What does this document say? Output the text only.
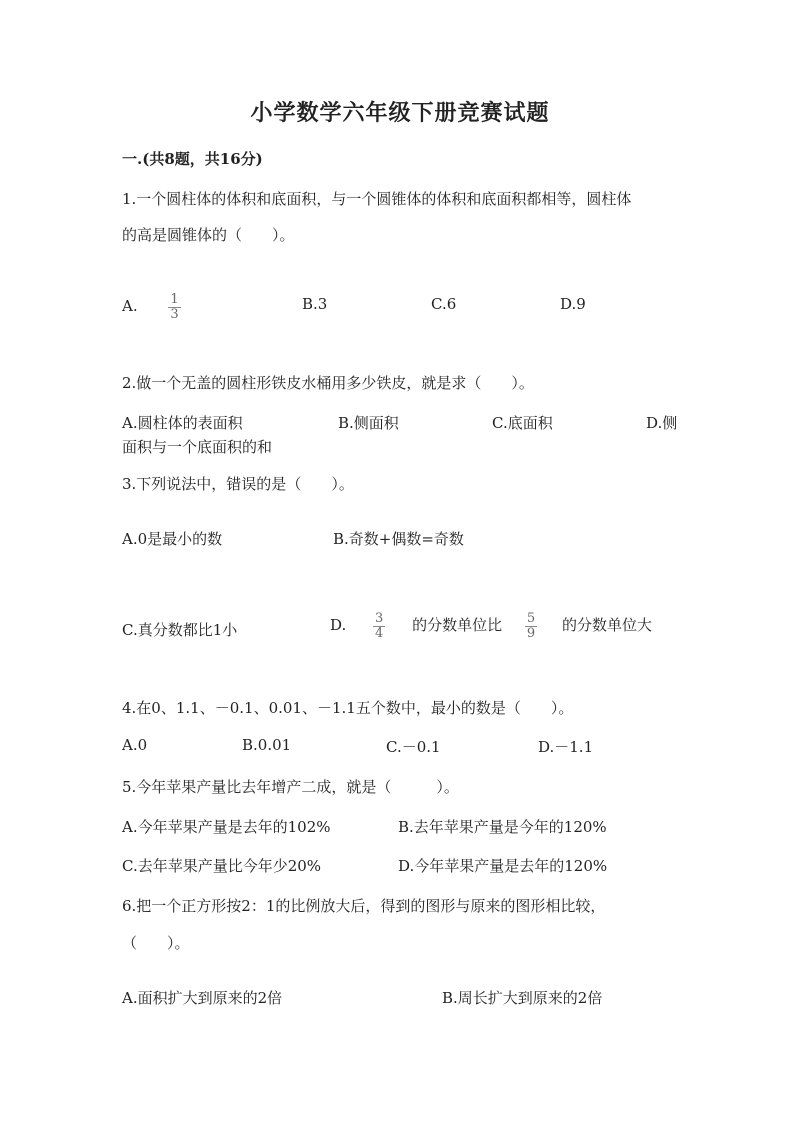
小学数学六年级下册竞赛试题
一.(共8题，共16分)
1.一个圆柱体的体积和底面积，与一个圆锥体的体积和底面积都相等，圆柱体
的高是圆锥体的（　　）。
A. $\frac{1}{3}$	B.3	C.6	D.9
2.做一个无盖的圆柱形铁皮水桶用多少铁皮，就是求（　　）。
A.圆柱体的表面积	B.侧面积	C.底面积	D.侧
面积与一个底面积的和
3.下列说法中，错误的是（　　）。
A.0是最小的数	B.奇数+偶数=奇数
C.真分数都比1小	D. $\frac{3}{4}$ 的分数单位比 $\frac{5}{9}$ 的分数单位大
4.在0、1.1、－0.1、0.01、－1.1五个数中，最小的数是（　　）。
A.0	B.0.01	C.－0.1	D.－1.1
5.今年苹果产量比去年增产二成，就是（　　　）。
A.今年苹果产量是去年的102%	B.去年苹果产量是今年的120%
C.去年苹果产量比今年少20%	D.今年苹果产量是去年的120%
6.把一个正方形按2：1的比例放大后，得到的图形与原来的图形相比较，
（　　）。
A.面积扩大到原来的2倍	B.周长扩大到原来的2倍
